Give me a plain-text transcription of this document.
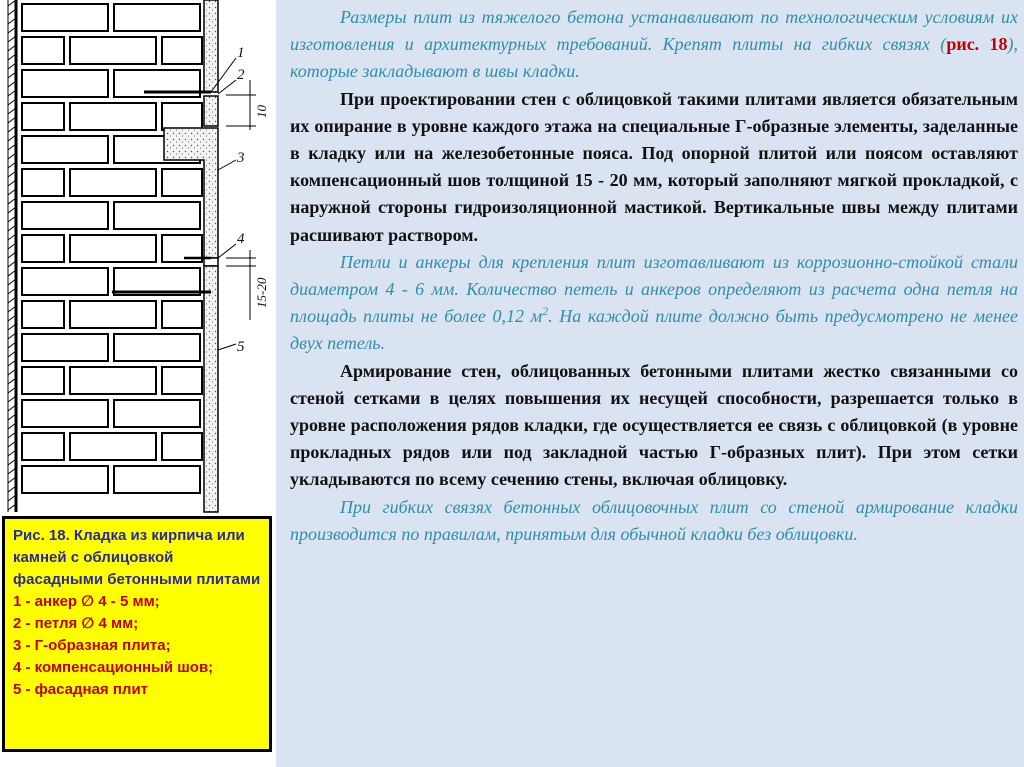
1
2
3
4
5
10
15-20
Рис. 18. Кладка из кирпича или камней с облицовкой фасадными бетонными плитами
1 - анкер ∅ 4 - 5 мм;
2 - петля ∅ 4 мм;
3 - Г-образная плита;
4 - компенсационный шов;
5 - фасадная плит

Размеры плит из тяжелого бетона устанавливают по технологическим условиям их изготовления и архитектурных требований. Крепят плиты на гибких связях (рис. 18), которые закладывают в швы кладки.

При проектировании стен с облицовкой такими плитами является обязательным их опирание в уровне каждого этажа на специальные Г-образные элементы, заделанные в кладку или на железобетонные пояса. Под опорной плитой или поясом оставляют компенсационный шов толщиной 15 - 20 мм, который заполняют мягкой прокладкой, с наружной стороны гидроизоляционной мастикой. Вертикальные швы между плитами расшивают раствором.

Петли и анкеры для крепления плит изготавливают из коррозионно-стойкой стали диаметром 4 - 6 мм. Количество петель и анкеров определяют из расчета одна петля на площадь плиты не более 0,12 $м^2$. На каждой плите должно быть предусмотрено не менее двух петель.

Армирование стен, облицованных бетонными плитами жестко связанными со стеной сетками в целях повышения их несущей способности, разрешается только в уровне расположения рядов кладки, где осуществляется ее связь с облицовкой (в уровне прокладных рядов или под закладной частью Г-образных плит). При этом сетки укладываются по всему сечению стены, включая облицовку.

При гибких связях бетонных облицовочных плит со стеной армирование кладки производится по правилам, принятым для обычной кладки без облицовки.
